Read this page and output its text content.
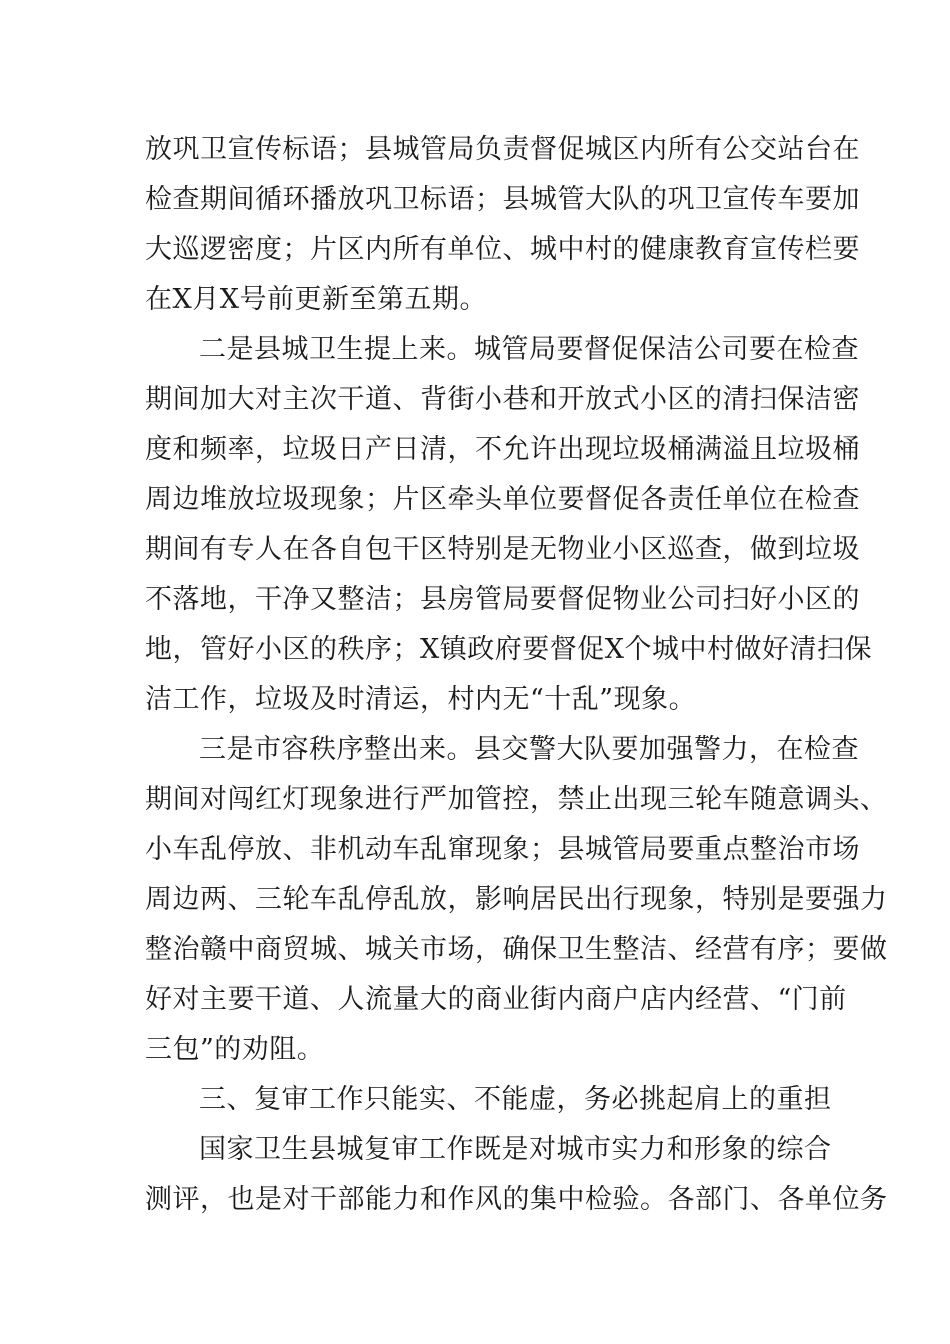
放巩卫宣传标语；县城管局负责督促城区内所有公交站台在
检查期间循环播放巩卫标语；县城管大队的巩卫宣传车要加
大巡逻密度；片区内所有单位、城中村的健康教育宣传栏要
在X月X号前更新至第五期。
二是县城卫生提上来。城管局要督促保洁公司要在检查
期间加大对主次干道、背街小巷和开放式小区的清扫保洁密
度和频率，垃圾日产日清，不允许出现垃圾桶满溢且垃圾桶
周边堆放垃圾现象；片区牵头单位要督促各责任单位在检查
期间有专人在各自包干区特别是无物业小区巡查，做到垃圾
不落地，干净又整洁；县房管局要督促物业公司扫好小区的
地，管好小区的秩序；X镇政府要督促X个城中村做好清扫保
洁工作，垃圾及时清运，村内无“十乱”现象。
三是市容秩序整出来。县交警大队要加强警力，在检查
期间对闯红灯现象进行严加管控，禁止出现三轮车随意调头、
小车乱停放、非机动车乱窜现象；县城管局要重点整治市场
周边两、三轮车乱停乱放，影响居民出行现象，特别是要强力
整治赣中商贸城、城关市场，确保卫生整洁、经营有序；要做
好对主要干道、人流量大的商业街内商户店内经营、“门前
三包”的劝阻。
三、复审工作只能实、不能虚，务必挑起肩上的重担
国家卫生县城复审工作既是对城市实力和形象的综合
测评，也是对干部能力和作风的集中检验。各部门、各单位务
